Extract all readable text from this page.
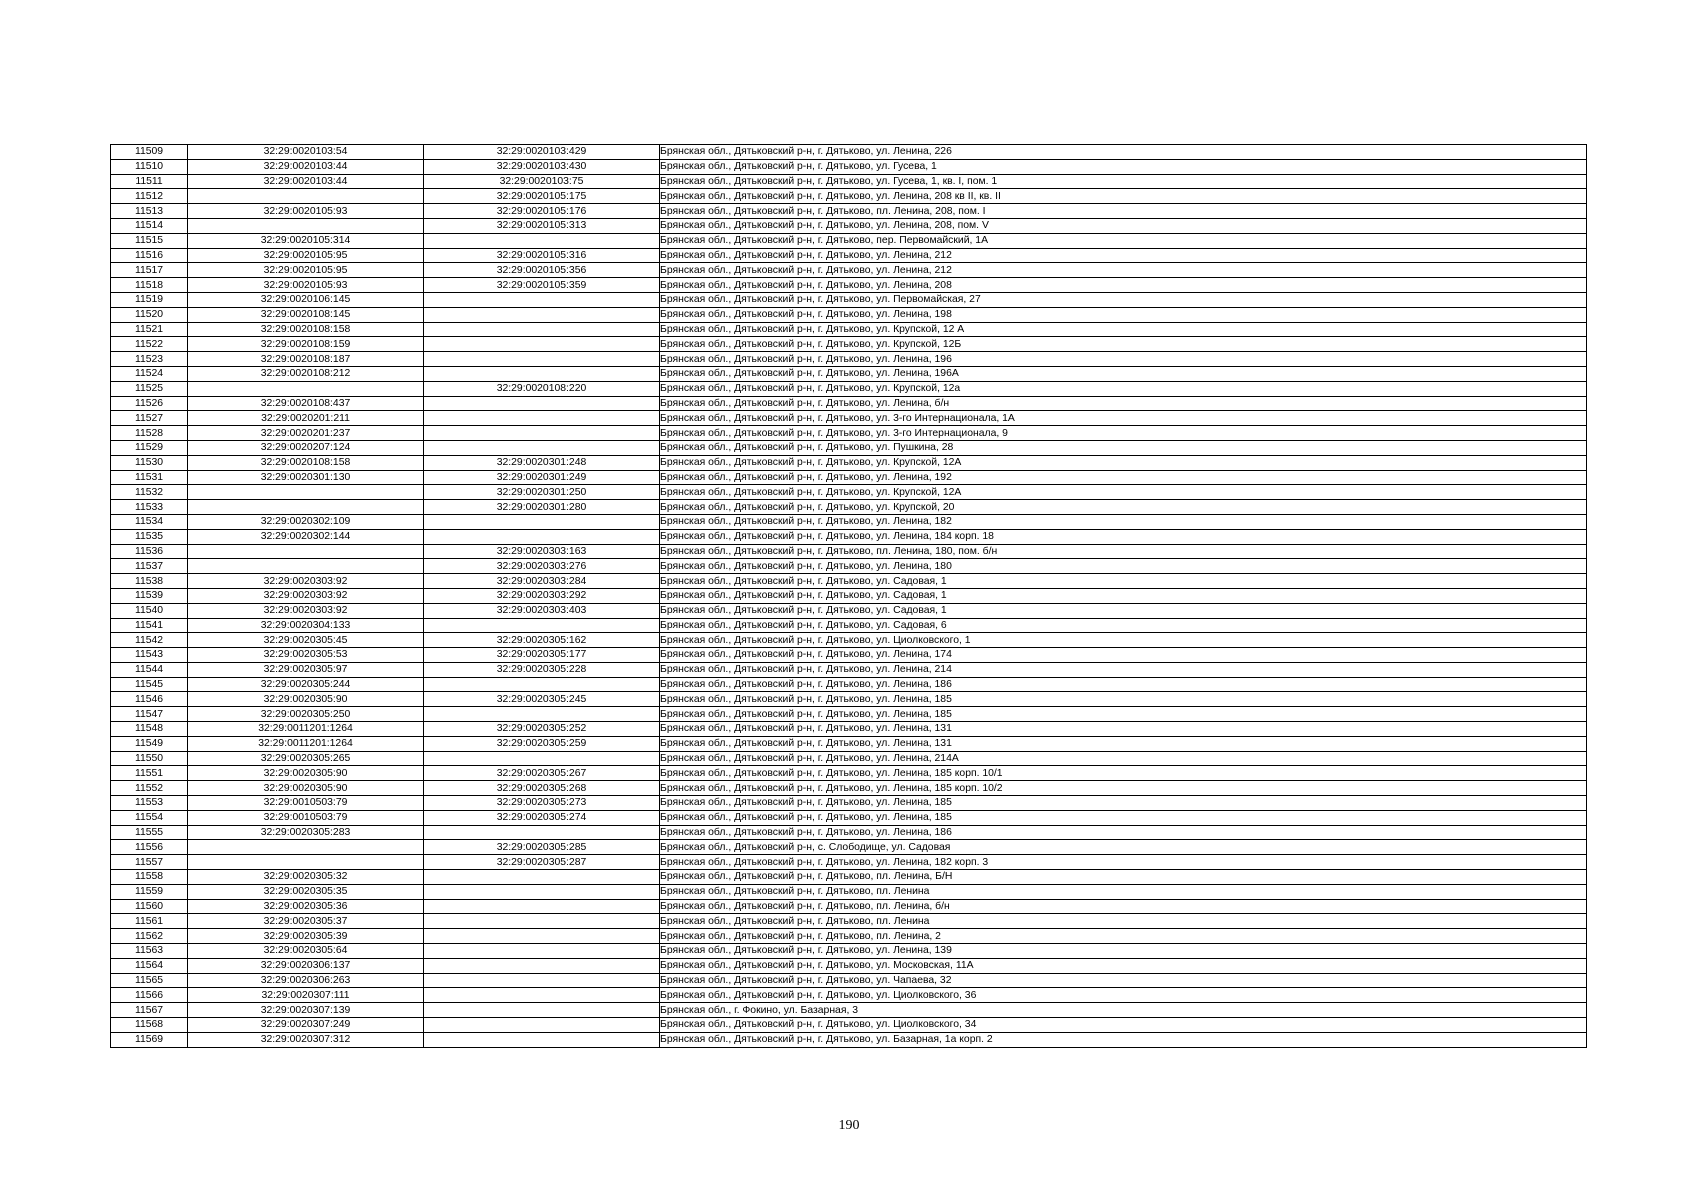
11509	32:29:0020103:54	32:29:0020103:429	Брянская обл., Дятьковский р-н, г. Дятьково, ул. Ленина, 226
11510	32:29:0020103:44	32:29:0020103:430	Брянская обл., Дятьковский р-н, г. Дятьково, ул. Гусева, 1
11511	32:29:0020103:44	32:29:0020103:75	Брянская обл., Дятьковский р-н, г. Дятьково, ул. Гусева, 1, кв. I, пом. 1
11512		32:29:0020105:175	Брянская обл., Дятьковский р-н, г. Дятьково, ул. Ленина, 208 кв II, кв. II
11513	32:29:0020105:93	32:29:0020105:176	Брянская обл., Дятьковский р-н, г. Дятьково, пл. Ленина, 208, пом. I
11514		32:29:0020105:313	Брянская обл., Дятьковский р-н, г. Дятьково, ул. Ленина, 208, пом. V
11515	32:29:0020105:314		Брянская обл., Дятьковский р-н, г. Дятьково, пер. Первомайский, 1А
11516	32:29:0020105:95	32:29:0020105:316	Брянская обл., Дятьковский р-н, г. Дятьково, ул. Ленина, 212
11517	32:29:0020105:95	32:29:0020105:356	Брянская обл., Дятьковский р-н, г. Дятьково, ул. Ленина, 212
11518	32:29:0020105:93	32:29:0020105:359	Брянская обл., Дятьковский р-н, г. Дятьково, ул. Ленина, 208
11519	32:29:0020106:145		Брянская обл., Дятьковский р-н, г. Дятьково, ул. Первомайская, 27
11520	32:29:0020108:145		Брянская обл., Дятьковский р-н, г. Дятьково, ул. Ленина, 198
11521	32:29:0020108:158		Брянская обл., Дятьковский р-н, г. Дятьково, ул. Крупской, 12 А
11522	32:29:0020108:159		Брянская обл., Дятьковский р-н, г. Дятьково, ул. Крупской, 12Б
11523	32:29:0020108:187		Брянская обл., Дятьковский р-н, г. Дятьково, ул. Ленина, 196
11524	32:29:0020108:212		Брянская обл., Дятьковский р-н, г. Дятьково, ул. Ленина, 196А
11525		32:29:0020108:220	Брянская обл., Дятьковский р-н, г. Дятьково, ул. Крупской, 12а
11526	32:29:0020108:437		Брянская обл., Дятьковский р-н, г. Дятьково, ул. Ленина, б/н
11527	32:29:0020201:211		Брянская обл., Дятьковский р-н, г. Дятьково, ул. 3-го Интернационала, 1А
11528	32:29:0020201:237		Брянская обл., Дятьковский р-н, г. Дятьково, ул. 3-го Интернационала, 9
11529	32:29:0020207:124		Брянская обл., Дятьковский р-н, г. Дятьково, ул. Пушкина, 28
11530	32:29:0020108:158	32:29:0020301:248	Брянская обл., Дятьковский р-н, г. Дятьково, ул. Крупской, 12А
11531	32:29:0020301:130	32:29:0020301:249	Брянская обл., Дятьковский р-н, г. Дятьково, ул. Ленина, 192
11532		32:29:0020301:250	Брянская обл., Дятьковский р-н, г. Дятьково, ул. Крупской, 12А
11533		32:29:0020301:280	Брянская обл., Дятьковский р-н, г. Дятьково, ул. Крупской, 20
11534	32:29:0020302:109		Брянская обл., Дятьковский р-н, г. Дятьково, ул. Ленина, 182
11535	32:29:0020302:144		Брянская обл., Дятьковский р-н, г. Дятьково, ул. Ленина, 184 корп. 18
11536		32:29:0020303:163	Брянская обл., Дятьковский р-н, г. Дятьково, пл. Ленина, 180, пом. б/н
11537		32:29:0020303:276	Брянская обл., Дятьковский р-н, г. Дятьково, ул. Ленина, 180
11538	32:29:0020303:92	32:29:0020303:284	Брянская обл., Дятьковский р-н, г. Дятьково, ул. Садовая, 1
11539	32:29:0020303:92	32:29:0020303:292	Брянская обл., Дятьковский р-н, г. Дятьково, ул. Садовая, 1
11540	32:29:0020303:92	32:29:0020303:403	Брянская обл., Дятьковский р-н, г. Дятьково, ул. Садовая, 1
11541	32:29:0020304:133		Брянская обл., Дятьковский р-н, г. Дятьково, ул. Садовая, 6
11542	32:29:0020305:45	32:29:0020305:162	Брянская обл., Дятьковский р-н, г. Дятьково, ул. Циолковского, 1
11543	32:29:0020305:53	32:29:0020305:177	Брянская обл., Дятьковский р-н, г. Дятьково, ул. Ленина, 174
11544	32:29:0020305:97	32:29:0020305:228	Брянская обл., Дятьковский р-н, г. Дятьково, ул. Ленина, 214
11545	32:29:0020305:244		Брянская обл., Дятьковский р-н, г. Дятьково, ул. Ленина, 186
11546	32:29:0020305:90	32:29:0020305:245	Брянская обл., Дятьковский р-н, г. Дятьково, ул. Ленина, 185
11547	32:29:0020305:250		Брянская обл., Дятьковский р-н, г. Дятьково, ул. Ленина, 185
11548	32:29:0011201:1264	32:29:0020305:252	Брянская обл., Дятьковский р-н, г. Дятьково, ул. Ленина, 131
11549	32:29:0011201:1264	32:29:0020305:259	Брянская обл., Дятьковский р-н, г. Дятьково, ул. Ленина, 131
11550	32:29:0020305:265		Брянская обл., Дятьковский р-н, г. Дятьково, ул. Ленина, 214А
11551	32:29:0020305:90	32:29:0020305:267	Брянская обл., Дятьковский р-н, г. Дятьково, ул. Ленина, 185 корп. 10/1
11552	32:29:0020305:90	32:29:0020305:268	Брянская обл., Дятьковский р-н, г. Дятьково, ул. Ленина, 185 корп. 10/2
11553	32:29:0010503:79	32:29:0020305:273	Брянская обл., Дятьковский р-н, г. Дятьково, ул. Ленина, 185
11554	32:29:0010503:79	32:29:0020305:274	Брянская обл., Дятьковский р-н, г. Дятьково, ул. Ленина, 185
11555	32:29:0020305:283		Брянская обл., Дятьковский р-н, г. Дятьково, ул. Ленина, 186
11556		32:29:0020305:285	Брянская обл., Дятьковский р-н, с. Слободище, ул. Садовая
11557		32:29:0020305:287	Брянская обл., Дятьковский р-н, г. Дятьково, ул. Ленина, 182 корп. 3
11558	32:29:0020305:32		Брянская обл., Дятьковский р-н, г. Дятьково, пл. Ленина, Б/Н
11559	32:29:0020305:35		Брянская обл., Дятьковский р-н, г. Дятьково, пл. Ленина
11560	32:29:0020305:36		Брянская обл., Дятьковский р-н, г. Дятьково, пл. Ленина, б/н
11561	32:29:0020305:37		Брянская обл., Дятьковский р-н, г. Дятьково, пл. Ленина
11562	32:29:0020305:39		Брянская обл., Дятьковский р-н, г. Дятьково, пл. Ленина, 2
11563	32:29:0020305:64		Брянская обл., Дятьковский р-н, г. Дятьково, ул. Ленина, 139
11564	32:29:0020306:137		Брянская обл., Дятьковский р-н, г. Дятьково, ул. Московская, 11А
11565	32:29:0020306:263		Брянская обл., Дятьковский р-н, г. Дятьково, ул. Чапаева, 32
11566	32:29:0020307:111		Брянская обл., Дятьковский р-н, г. Дятьково, ул. Циолковского, 36
11567	32:29:0020307:139		Брянская обл., г. Фокино, ул. Базарная, 3
11568	32:29:0020307:249		Брянская обл., Дятьковский р-н, г. Дятьково, ул. Циолковского, 34
11569	32:29:0020307:312		Брянская обл., Дятьковский р-н, г. Дятьково, ул. Базарная, 1а корп. 2
190
